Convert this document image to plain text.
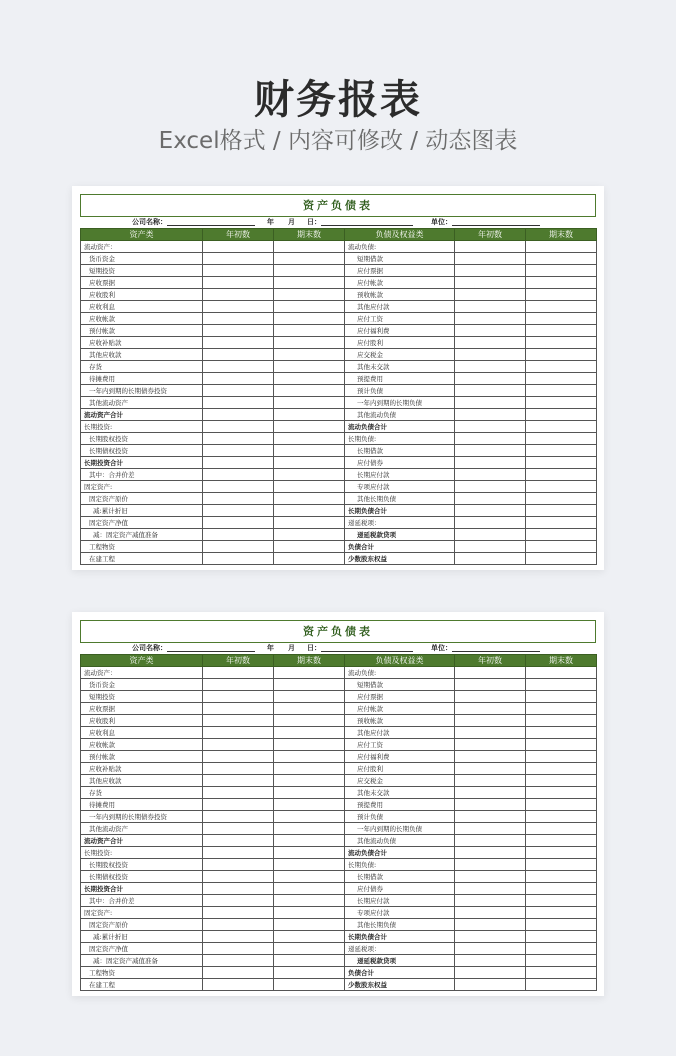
财务报表
Excel格式 / 内容可修改 / 动态图表
资产负债表
公司名称：	年 月 日：	单位：
资产类	年初数	期末数	负债及权益类	年初数	期末数
流动资产：			流动负债:		
货币资金			短期借款		
短期投资			应付票据		
应收票据			应付帐款		
应收股利			预收帐款		
应收利息			其他应付款		
应收帐款			应付工资		
预付帐款			应付福利费		
应收补贴款			应付股利		
其他应收款			应交税金		
存货			其他未交款		
待摊费用			预提费用		
一年内到期的长期债券投资			预计负债		
其他流动资产			一年内到期的长期负债		
流动资产合计			其他流动负债		
长期投资:			流动负债合计		
长期股权投资			长期负债:		
长期债权投资			长期借款		
长期投资合计			应付债券		
其中：合并价差			长期应付款		
固定资产:			专项应付款		
固定资产原价			其他长期负债		
减:累计折旧			长期负债合计		
固定资产净值			递延税项：		
减：固定资产减值准备			递延税款贷项		
工程物资			负债合计		
在建工程			少数股东权益		
资产负债表
公司名称：	年 月 日：	单位：
资产类	年初数	期末数	负债及权益类	年初数	期末数
流动资产：			流动负债:		
货币资金			短期借款		
短期投资			应付票据		
应收票据			应付帐款		
应收股利			预收帐款		
应收利息			其他应付款		
应收帐款			应付工资		
预付帐款			应付福利费		
应收补贴款			应付股利		
其他应收款			应交税金		
存货			其他未交款		
待摊费用			预提费用		
一年内到期的长期债券投资			预计负债		
其他流动资产			一年内到期的长期负债		
流动资产合计			其他流动负债		
长期投资:			流动负债合计		
长期股权投资			长期负债:		
长期债权投资			长期借款		
长期投资合计			应付债券		
其中：合并价差			长期应付款		
固定资产:			专项应付款		
固定资产原价			其他长期负债		
减:累计折旧			长期负债合计		
固定资产净值			递延税项：		
减：固定资产减值准备			递延税款贷项		
工程物资			负债合计		
在建工程			少数股东权益		
